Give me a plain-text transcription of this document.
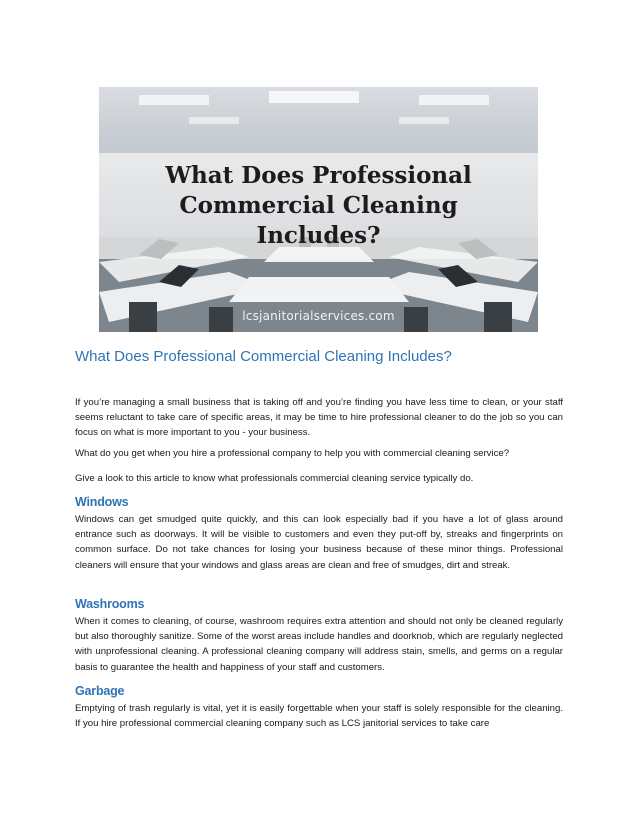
What Does Professional
Commercial Cleaning
Includes?
lcsjanitorialservices.com
What Does Professional Commercial Cleaning Includes?

If you’re managing a small business that is taking off and you’re finding you have less time to clean, or your staff seems reluctant to take care of specific areas, it may be time to hire professional cleaner to do the job so you can focus on what is more important to you - your business.

What do you get when you hire a professional company to help you with commercial cleaning service?

Give a look to this article to know what professionals commercial cleaning service typically do.

Windows

Windows can get smudged quite quickly, and this can look especially bad if you have a lot of glass around entrance such as doorways. It will be visible to customers and even they put-off by, streaks and fingerprints on common surface. Do not take chances for losing your business because of these minor things. Professional cleaners will ensure that your windows and glass areas are clean and free of smudges, dirt and streak.

Washrooms

When it comes to cleaning, of course, washroom requires extra attention and should not only be cleaned regularly but also thoroughly sanitize. Some of the worst areas include handles and doorknob, which are regularly neglected with unprofessional cleaning. A professional cleaning company will address stain, smells, and germs on a regular basis to guarantee the health and happiness of your staff and customers.

Garbage

Emptying of trash regularly is vital, yet it is easily forgettable when your staff is solely responsible for the cleaning. If you hire professional commercial cleaning company such as LCS janitorial services to take care
